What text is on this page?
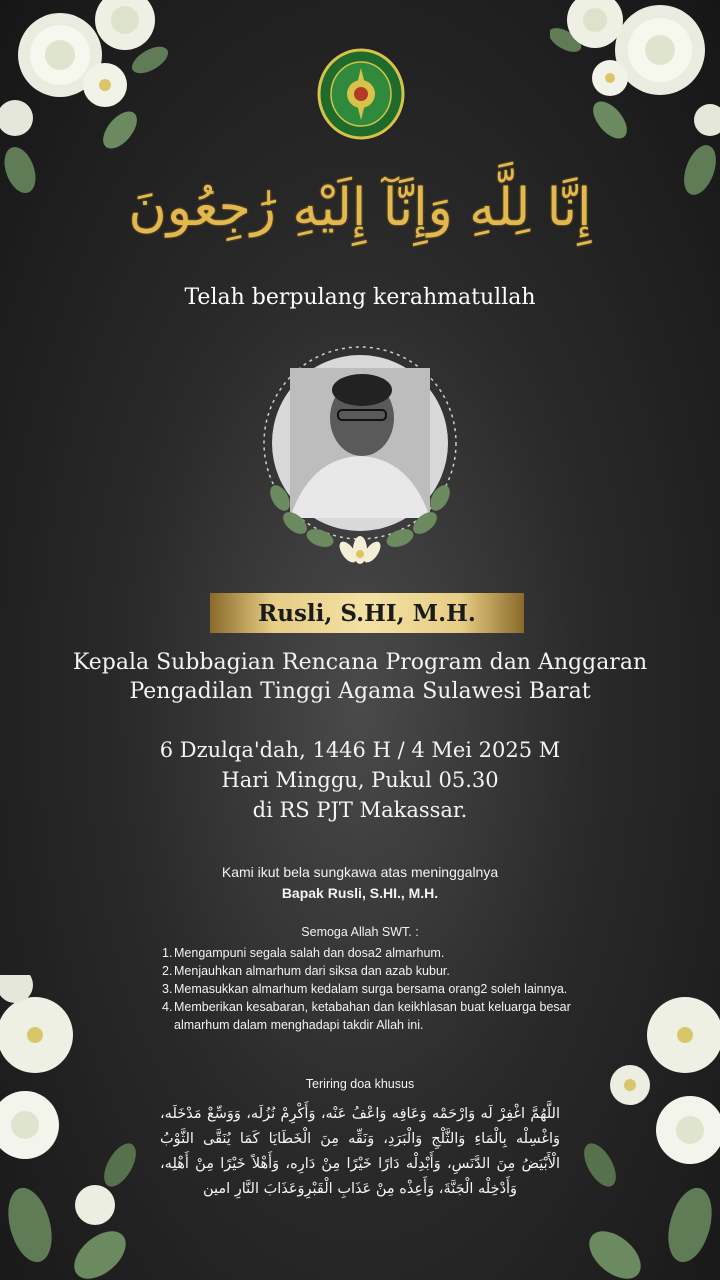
إِنَّا لِلَّهِ وَإِنَّآ إِلَيْهِ رَٰجِعُونَ
Telah berpulang kerahmatullah
Rusli, S.HI, M.H.
Kepala Subbagian Rencana Program dan Anggaran
Pengadilan Tinggi Agama Sulawesi Barat
6 Dzulqa'dah, 1446 H / 4 Mei 2025 M
Hari Minggu, Pukul 05.30
di RS PJT Makassar.
Kami ikut bela sungkawa atas meninggalnya
Bapak Rusli, S.HI., M.H.
Semoga Allah SWT. :
1. Mengampuni segala salah dan dosa2 almarhum.
2. Menjauhkan almarhum dari siksa dan azab kubur.
3. Memasukkan almarhum kedalam surga bersama orang2 soleh lainnya.
4. Memberikan kesabaran, ketabahan dan keikhlasan buat keluarga besar almarhum dalam menghadapi takdir Allah ini.
Teriring doa khusus
اللَّهُمَّ اغْفِرْ لَه وَارْحَمْه وَعَافِه وَاعْفُ عَنْه، وَأَكْرِمْ نُزُلَه، وَوَسِّعْ مَدْخَلَه، وَاغْسِلْه بِالْمَاءِ وَالثَّلْجِ وَالْبَرَدِ، وَنَقِّه مِنَ الْخَطَايَا كَمَا يُنَقَّى الثَّوْبُ الْأَبْيَضُ مِنَ الدَّنَسِ، وَأَبْدِلْه دَارًا خَيْرًا مِنْ دَارِه، وَأَهْلاً خَيْرًا مِنْ أَهْلِه، وَأَدْخِلْه الْجَنَّةَ، وَأَعِذْه مِنْ عَذَابِ الْقَبْرِوَعَذَابَ النَّارِ امين
